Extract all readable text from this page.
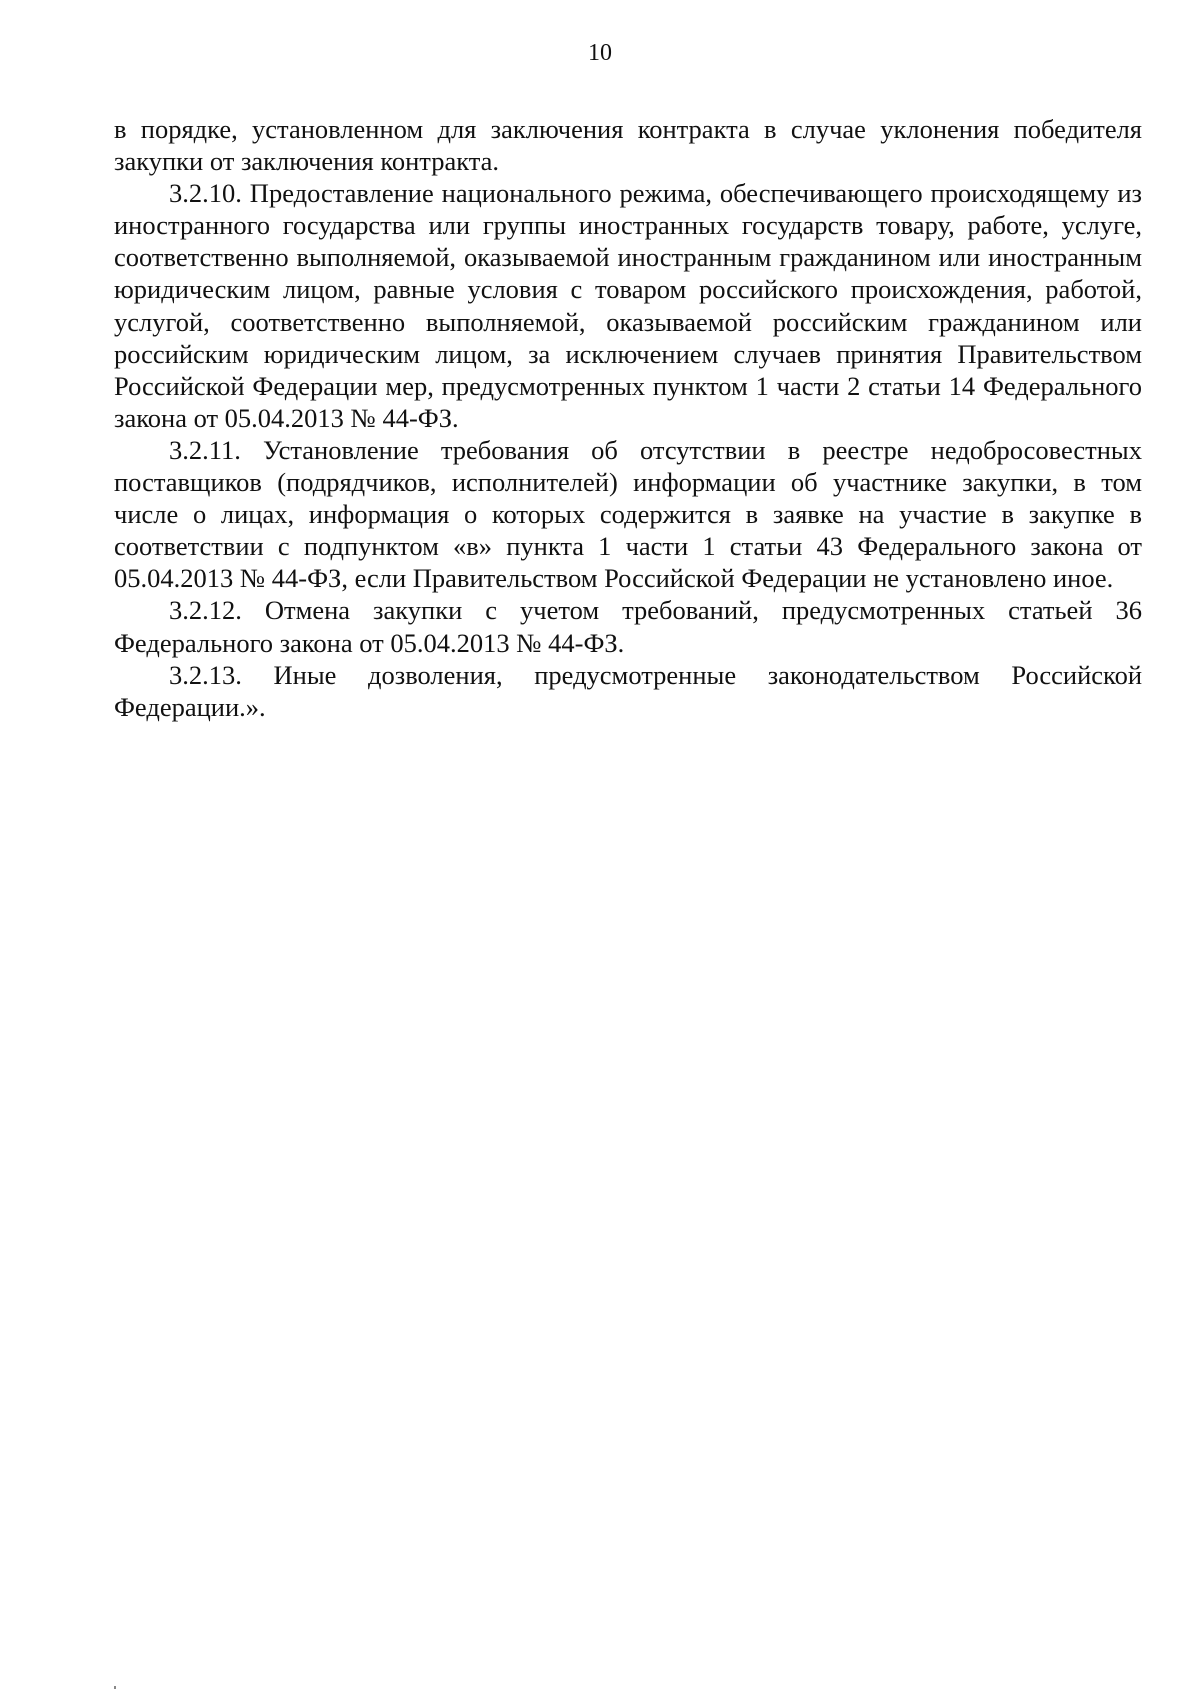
10

в порядке, установленном для заключения контракта в случае уклонения победителя закупки от заключения контракта.

3.2.10. Предоставление национального режима, обеспечивающего происходящему из иностранного государства или группы иностранных государств товару, работе, услуге, соответственно выполняемой, оказываемой иностранным гражданином или иностранным юридическим лицом, равные условия с товаром российского происхождения, работой, услугой, соответственно выполняемой, оказываемой российским гражданином или российским юридическим лицом, за исключением случаев принятия Правительством Российской Федерации мер, предусмотренных пунктом 1 части 2 статьи 14 Федерального закона от 05.04.2013 № 44-ФЗ.

3.2.11. Установление требования об отсутствии в реестре недобросовестных поставщиков (подрядчиков, исполнителей) информации об участнике закупки, в том числе о лицах, информация о которых содержится в заявке на участие в закупке в соответствии с подпунктом «в» пункта 1 части 1 статьи 43 Федерального закона от 05.04.2013 № 44-ФЗ, если Правительством Российской Федерации не установлено иное.

3.2.12. Отмена закупки с учетом требований, предусмотренных статьей 36 Федерального закона от 05.04.2013 № 44-ФЗ.

3.2.13. Иные дозволения, предусмотренные законодательством Российской Федерации.».
